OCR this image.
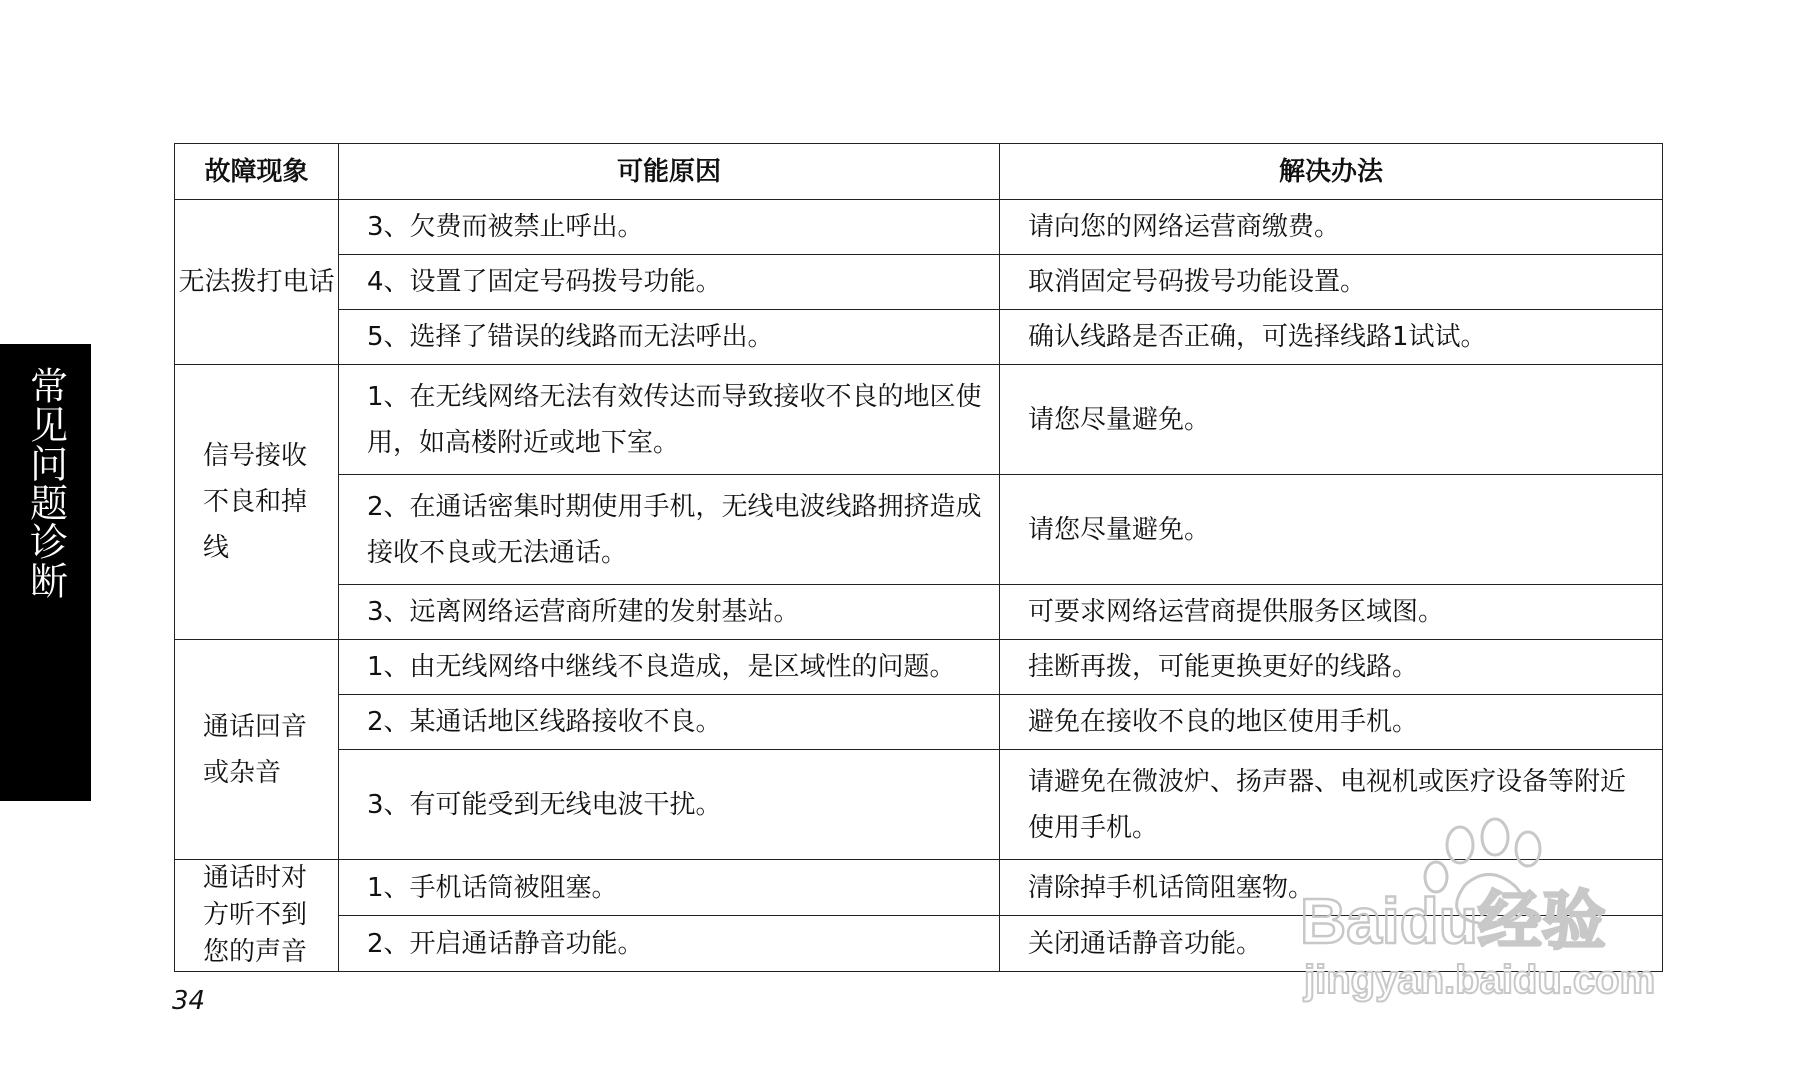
常见问题诊断
故障现象	可能原因	解决办法
无法拨打电话	3、欠费而被禁止呼出。	请向您的网络运营商缴费。
	4、设置了固定号码拨号功能。	取消固定号码拨号功能设置。
	5、选择了错误的线路而无法呼出。	确认线路是否正确，可选择线路1试试。
信号接收不良和掉线	1、在无线网络无法有效传达而导致接收不良的地区使用，如高楼附近或地下室。	请您尽量避免。
	2、在通话密集时期使用手机，无线电波线路拥挤造成接收不良或无法通话。	请您尽量避免。
	3、远离网络运营商所建的发射基站。	可要求网络运营商提供服务区域图。
通话回音或杂音	1、由无线网络中继线不良造成，是区域性的问题。	挂断再拨，可能更换更好的线路。
	2、某通话地区线路接收不良。	避免在接收不良的地区使用手机。
	3、有可能受到无线电波干扰。	请避免在微波炉、扬声器、电视机或医疗设备等附近使用手机。
通话时对方听不到您的声音	1、手机话筒被阻塞。	清除掉手机话筒阻塞物。
	2、开启通话静音功能。	关闭通话静音功能。
34
Baidu经验
jingyan.baidu.com
